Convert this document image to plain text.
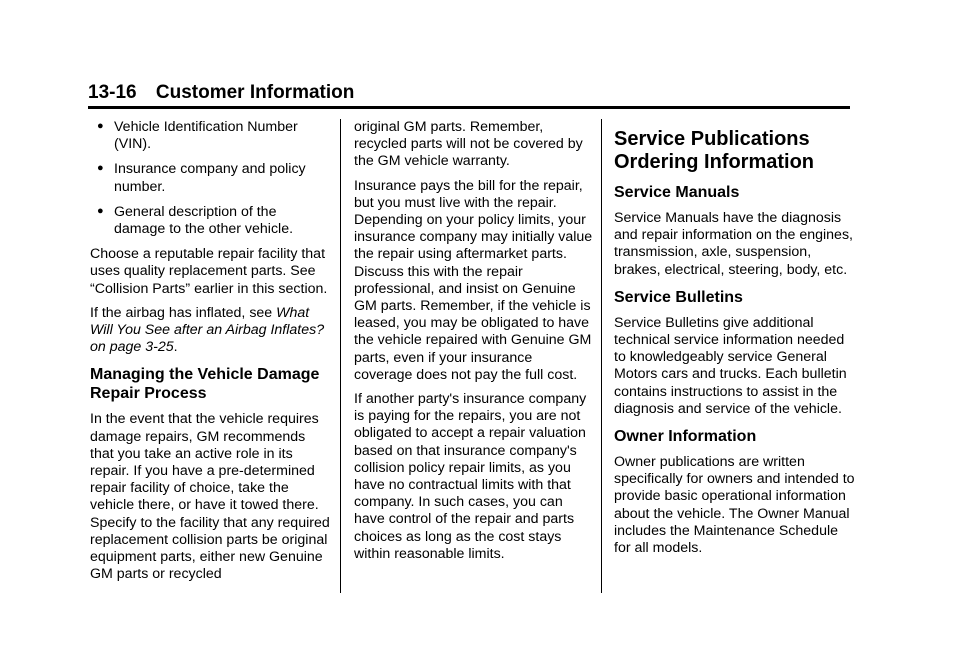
13-16 Customer Information
● Vehicle Identification Number (VIN).
● Insurance company and policy number.
● General description of the damage to the other vehicle.

Choose a reputable repair facility that uses quality replacement parts. See “Collision Parts” earlier in this section.

If the airbag has inflated, see What Will You See after an Airbag Inflates? on page 3-25.

Managing the Vehicle Damage Repair Process

In the event that the vehicle requires damage repairs, GM recommends that you take an active role in its repair. If you have a pre-determined repair facility of choice, take the vehicle there, or have it towed there. Specify to the facility that any required replacement collision parts be original equipment parts, either new Genuine GM parts or recycled

original GM parts. Remember, recycled parts will not be covered by the GM vehicle warranty.

Insurance pays the bill for the repair, but you must live with the repair. Depending on your policy limits, your insurance company may initially value the repair using aftermarket parts. Discuss this with the repair professional, and insist on Genuine GM parts. Remember, if the vehicle is leased, you may be obligated to have the vehicle repaired with Genuine GM parts, even if your insurance coverage does not pay the full cost.

If another party's insurance company is paying for the repairs, you are not obligated to accept a repair valuation based on that insurance company's collision policy repair limits, as you have no contractual limits with that company. In such cases, you can have control of the repair and parts choices as long as the cost stays within reasonable limits.

Service Publications Ordering Information
Service Manuals

Service Manuals have the diagnosis and repair information on the engines, transmission, axle, suspension, brakes, electrical, steering, body, etc.

Service Bulletins

Service Bulletins give additional technical service information needed to knowledgeably service General Motors cars and trucks. Each bulletin contains instructions to assist in the diagnosis and service of the vehicle.

Owner Information

Owner publications are written specifically for owners and intended to provide basic operational information about the vehicle. The Owner Manual includes the Maintenance Schedule for all models.
